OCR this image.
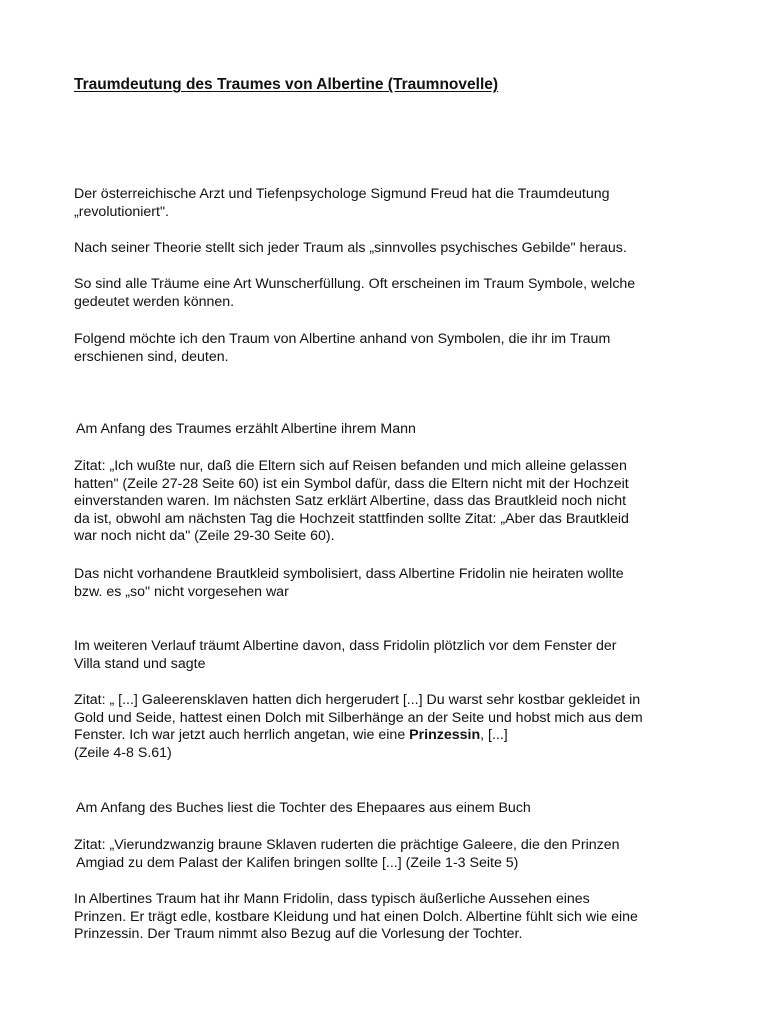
Traumdeutung des Traumes von Albertine (Traumnovelle)

Der österreichische Arzt und Tiefenpsychologe Sigmund Freud hat die Traumdeutung
„revolutioniert".

Nach seiner Theorie stellt sich jeder Traum als „sinnvolles psychisches Gebilde" heraus.

So sind alle Träume eine Art Wunscherfüllung. Oft erscheinen im Traum Symbole, welche
gedeutet werden können.

Folgend möchte ich den Traum von Albertine anhand von Symbolen, die ihr im Traum
erschienen sind, deuten.

Am Anfang des Traumes erzählt Albertine ihrem Mann

Zitat: „Ich wußte nur, daß die Eltern sich auf Reisen befanden und mich alleine gelassen
hatten" (Zeile 27-28 Seite 60) ist ein Symbol dafür, dass die Eltern nicht mit der Hochzeit
einverstanden waren. Im nächsten Satz erklärt Albertine, dass das Brautkleid noch nicht
da ist, obwohl am nächsten Tag die Hochzeit stattfinden sollte Zitat: „Aber das Brautkleid
war noch nicht da" (Zeile 29-30 Seite 60).

Das nicht vorhandene Brautkleid symbolisiert, dass Albertine Fridolin nie heiraten wollte
bzw. es „so" nicht vorgesehen war

Im weiteren Verlauf träumt Albertine davon, dass Fridolin plötzlich vor dem Fenster der
Villa stand und sagte

Zitat: „ [...] Galeerensklaven hatten dich hergerudert [...] Du warst sehr kostbar gekleidet in
Gold und Seide, hattest einen Dolch mit Silberhänge an der Seite und hobst mich aus dem
Fenster. Ich war jetzt auch herrlich angetan, wie eine Prinzessin, [...]
(Zeile 4-8 S.61)

Am Anfang des Buches liest die Tochter des Ehepaares aus einem Buch

Zitat: „Vierundzwanzig braune Sklaven ruderten die prächtige Galeere, die den Prinzen
Amgiad zu dem Palast der Kalifen bringen sollte [...] (Zeile 1-3 Seite 5)

In Albertines Traum hat ihr Mann Fridolin, dass typisch äußerliche Aussehen eines
Prinzen. Er trägt edle, kostbare Kleidung und hat einen Dolch. Albertine fühlt sich wie eine
Prinzessin. Der Traum nimmt also Bezug auf die Vorlesung der Tochter.
